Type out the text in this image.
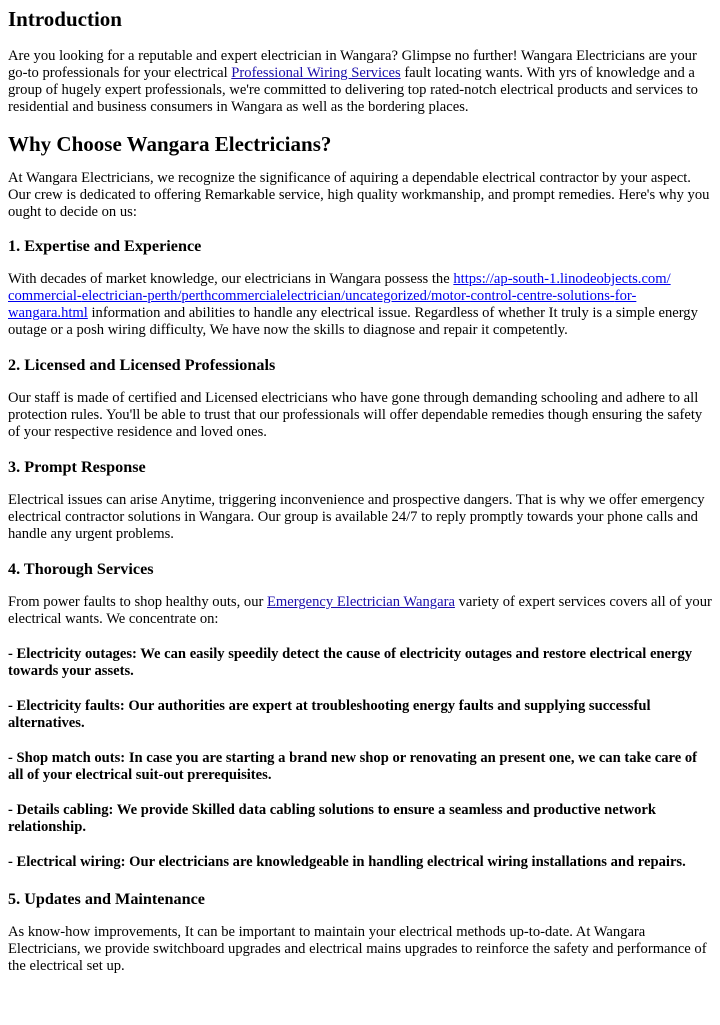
Introduction

Are you looking for a reputable and expert electrician in Wangara? Glimpse no further! Wangara Electricians are your go-to professionals for your electrical Professional Wiring Services fault locating wants. With yrs of knowledge and a group of hugely expert professionals, we're committed to delivering top rated-notch electrical products and services to residential and business consumers in Wangara as well as the bordering places.

Why Choose Wangara Electricians?

At Wangara Electricians, we recognize the significance of aquiring a dependable electrical contractor by your aspect. Our crew is dedicated to offering Remarkable service, high quality workmanship, and prompt remedies. Here's why you ought to decide on us:

1. Expertise and Experience

With decades of market knowledge, our electricians in Wangara possess the https://ap-south-1.linodeobjects.com/commercial-electrician-perth/perthcommercialelectrician/uncategorized/motor-control-centre-solutions-for-wangara.html information and abilities to handle any electrical issue. Regardless of whether It truly is a simple energy outage or a posh wiring difficulty, We have now the skills to diagnose and repair it competently.

2. Licensed and Licensed Professionals

Our staff is made of certified and Licensed electricians who have gone through demanding schooling and adhere to all protection rules. You'll be able to trust that our professionals will offer dependable remedies though ensuring the safety of your respective residence and loved ones.

3. Prompt Response

Electrical issues can arise Anytime, triggering inconvenience and prospective dangers. That is why we offer emergency electrical contractor solutions in Wangara. Our group is available 24/7 to reply promptly towards your phone calls and handle any urgent problems.

4. Thorough Services

From power faults to shop healthy outs, our Emergency Electrician Wangara variety of expert services covers all of your electrical wants. We concentrate on:

- Electricity outages: We can easily speedily detect the cause of electricity outages and restore electrical energy towards your assets.

- Electricity faults: Our authorities are expert at troubleshooting energy faults and supplying successful alternatives.

- Shop match outs: In case you are starting a brand new shop or renovating an present one, we can take care of all of your electrical suit-out prerequisites.

- Details cabling: We provide Skilled data cabling solutions to ensure a seamless and productive network relationship.

- Electrical wiring: Our electricians are knowledgeable in handling electrical wiring installations and repairs.

5. Updates and Maintenance

As know-how improvements, It can be important to maintain your electrical methods up-to-date. At Wangara Electricians, we provide switchboard upgrades and electrical mains upgrades to reinforce the safety and performance of the electrical set up.
